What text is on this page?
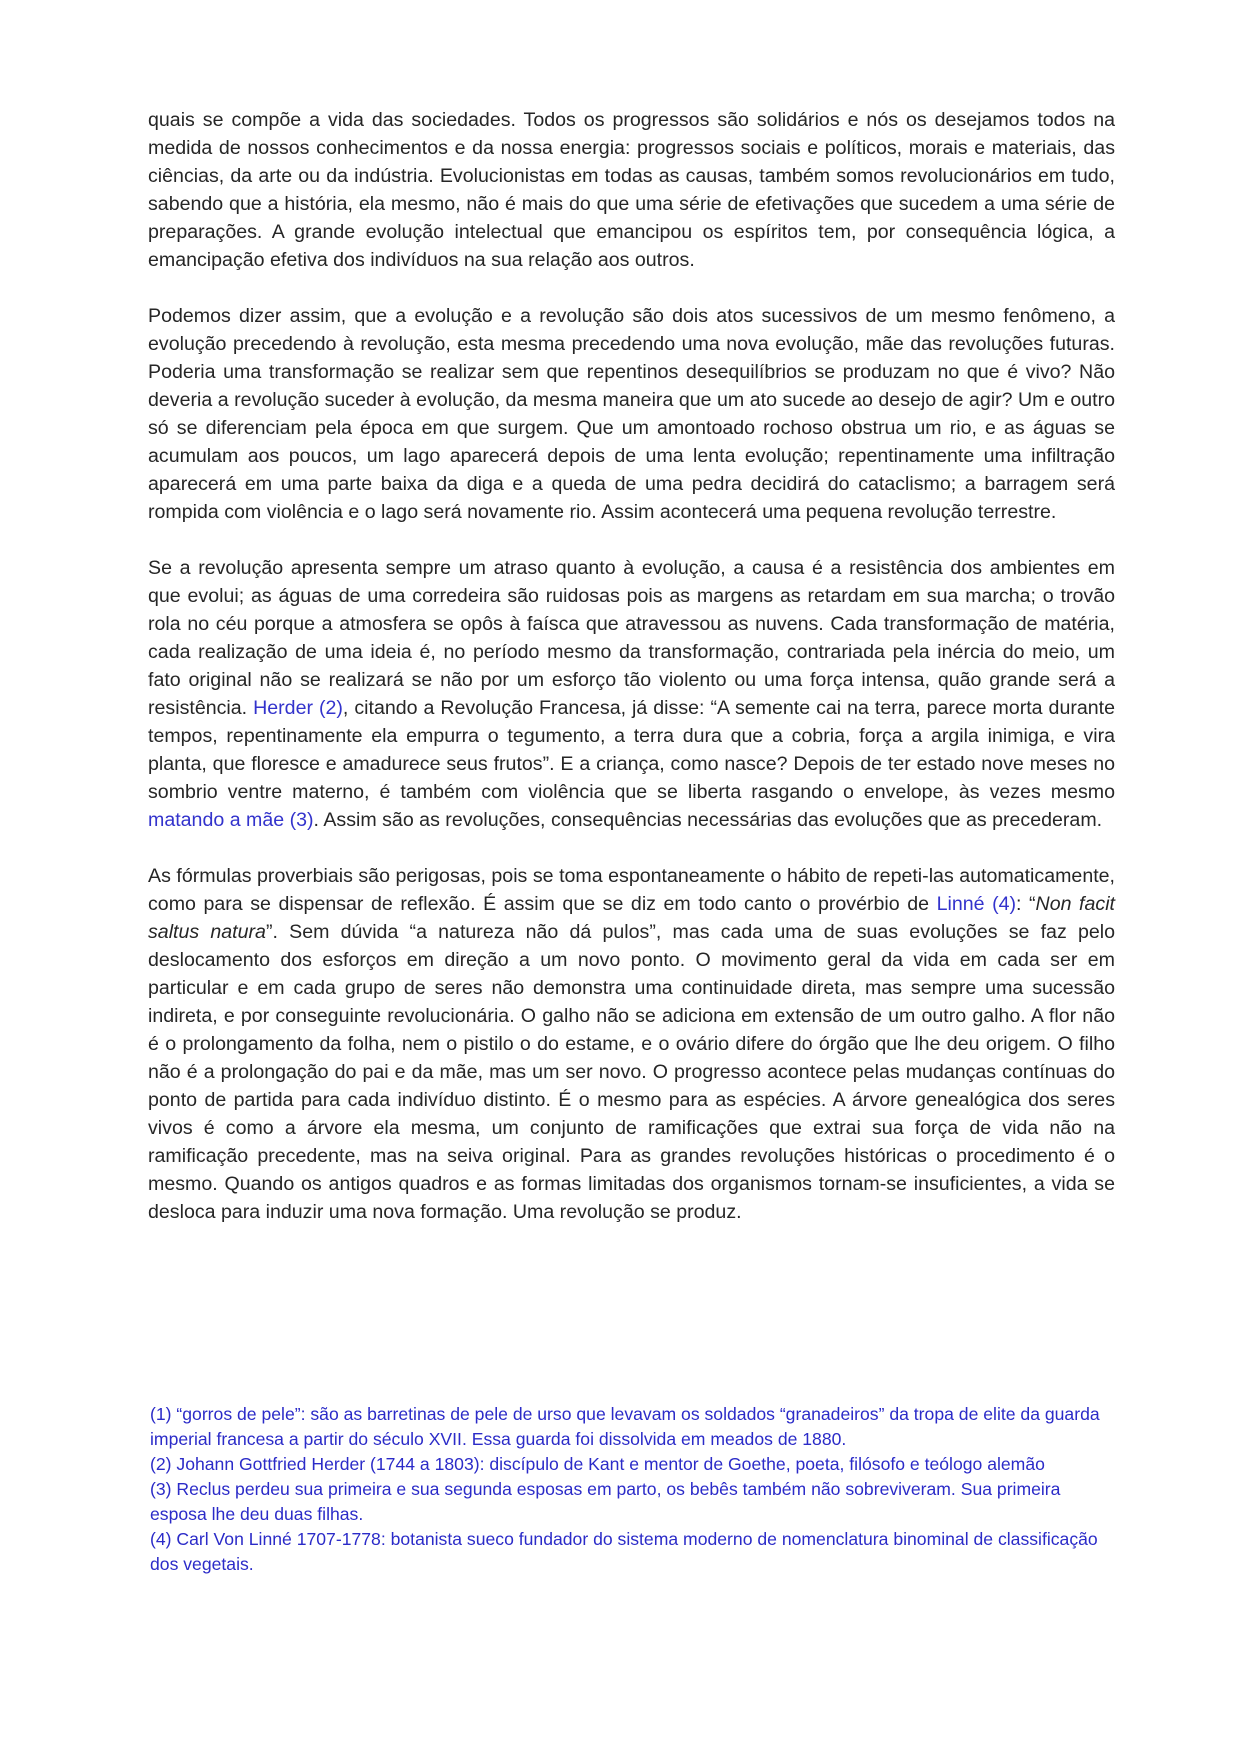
quais se compõe a vida das sociedades. Todos os progressos são solidários e nós os desejamos todos na medida de nossos conhecimentos e da nossa energia: progressos sociais e políticos, morais e materiais, das ciências, da arte ou da indústria. Evolucionistas em todas as causas, também somos revolucionários em tudo, sabendo que a história, ela mesmo, não é mais do que uma série de efetivações que sucedem a uma série de preparações. A grande evolução intelectual que emancipou os espíritos tem, por consequência lógica, a emancipação efetiva dos indivíduos na sua relação aos outros.

Podemos dizer assim, que a evolução e a revolução são dois atos sucessivos de um mesmo fenômeno, a evolução precedendo à revolução, esta mesma precedendo uma nova evolução, mãe das revoluções futuras. Poderia uma transformação se realizar sem que repentinos desequilíbrios se produzam no que é vivo? Não deveria a revolução suceder à evolução, da mesma maneira que um ato sucede ao desejo de agir? Um e outro só se diferenciam pela época em que surgem. Que um amontoado rochoso obstrua um rio, e as águas se acumulam aos poucos, um lago aparecerá depois de uma lenta evolução; repentinamente uma infiltração aparecerá em uma parte baixa da diga e a queda de uma pedra decidirá do cataclismo; a barragem será rompida com violência e o lago será novamente rio. Assim acontecerá uma pequena revolução terrestre.

Se a revolução apresenta sempre um atraso quanto à evolução, a causa é a resistência dos ambientes em que evolui; as águas de uma corredeira são ruidosas pois as margens as retardam em sua marcha; o trovão rola no céu porque a atmosfera se opôs à faísca que atravessou as nuvens. Cada transformação de matéria, cada realização de uma ideia é, no período mesmo da transformação, contrariada pela inércia do meio, um fato original não se realizará se não por um esforço tão violento ou uma força intensa, quão grande será a resistência. Herder (2), citando a Revolução Francesa, já disse: “A semente cai na terra, parece morta durante tempos, repentinamente ela empurra o tegumento, a terra dura que a cobria, força a argila inimiga, e vira planta, que floresce e amadurece seus frutos”. E a criança, como nasce? Depois de ter estado nove meses no sombrio ventre materno, é também com violência que se liberta rasgando o envelope, às vezes mesmo matando a mãe (3). Assim são as revoluções, consequências necessárias das evoluções que as precederam.

As fórmulas proverbiais são perigosas, pois se toma espontaneamente o hábito de repeti-las automaticamente, como para se dispensar de reflexão. É assim que se diz em todo canto o provérbio de Linné (4): “Non facit saltus natura”. Sem dúvida “a natureza não dá pulos”, mas cada uma de suas evoluções se faz pelo deslocamento dos esforços em direção a um novo ponto. O movimento geral da vida em cada ser em particular e em cada grupo de seres não demonstra uma continuidade direta, mas sempre uma sucessão indireta, e por conseguinte revolucionária. O galho não se adiciona em extensão de um outro galho. A flor não é o prolongamento da folha, nem o pistilo o do estame, e o ovário difere do órgão que lhe deu origem. O filho não é a prolongação do pai e da mãe, mas um ser novo. O progresso acontece pelas mudanças contínuas do ponto de partida para cada indivíduo distinto. É o mesmo para as espécies. A árvore genealógica dos seres vivos é como a árvore ela mesma, um conjunto de ramificações que extrai sua força de vida não na ramificação precedente, mas na seiva original. Para as grandes revoluções históricas o procedimento é o mesmo. Quando os antigos quadros e as formas limitadas dos organismos tornam-se insuficientes, a vida se desloca para induzir uma nova formação. Uma revolução se produz.

(1) “gorros de pele”: são as barretinas de pele de urso que levavam os soldados “granadeiros” da tropa de elite da guarda imperial francesa a partir do século XVII. Essa guarda foi dissolvida em meados de 1880.

(2) Johann Gottfried Herder (1744 a 1803): discípulo de Kant e mentor de Goethe, poeta, filósofo e teólogo alemão

(3) Reclus perdeu sua primeira e sua segunda esposas em parto, os bebês também não sobreviveram. Sua primeira esposa lhe deu duas filhas.

(4) Carl Von Linné 1707-1778: botanista sueco fundador do sistema moderno de nomenclatura binominal de classificação dos vegetais.
